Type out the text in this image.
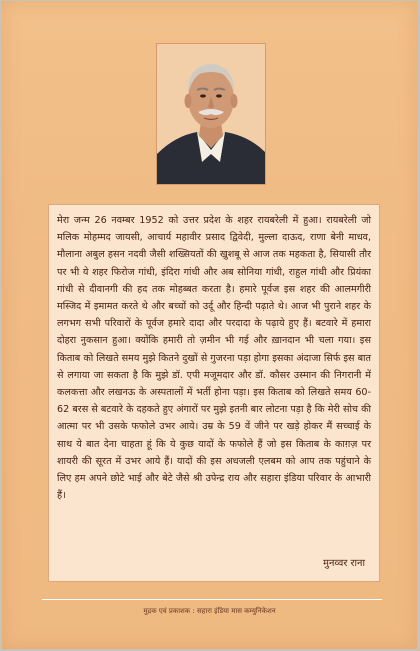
मेरा जन्म 26 नवम्बर 1952 को उत्तर प्रदेश के शहर रायबरेली में हुआ। रायबरेली जो मलिक मोहम्मद जायसी, आचार्य महावीर प्रसाद द्विवेदी, मुल्ला दाऊद, राणा बेनी माधव, मौलाना अबुल हसन नदवी जैसी शख्सियतों की खुशबू से आज तक महकता है, सियासी तौर पर भी ये शहर फिरोज गांधी, इंदिरा गांधी और अब सोनिया गांधी, राहुल गांधी और प्रियंका गांधी से दीवानगी की हद तक मोहब्बत करता है। हमारे पूर्वज इस शहर की आलमगीरी मस्जिद में इमामत करते थे और बच्चों को उर्दू और हिन्दी पढ़ाते थे। आज भी पुराने शहर के लगभग सभी परिवारों के पूर्वज हमारे दादा और परदादा के पढ़ाये हुए हैं। बटवारे में हमारा दोहरा नुकसान हुआ। क्योंकि हमारी तो ज़मीन भी गई और ख़ानदान भी चला गया। इस किताब को लिखते समय मुझे कितने दुखों से गुजरना पड़ा होगा इसका अंदाजा सिर्फ इस बात से लगाया जा सकता है कि मुझे डॉ. एपी मजूमदार और डॉ. कौसर उस्मान की निगरानी में कलकत्ता और लखनऊ के अस्पतालों में भर्ती होना पड़ा। इस किताब को लिखते समय 60-62 बरस से बटवारे के दहकते हुए अंगारों पर मुझे इतनी बार लोटना पड़ा है कि मेरी सोच की आत्मा पर भी उसके फफोले उभर आये। उम्र के 59 वें जीने पर खड़े होकर मैं सच्चाई के साथ ये बात देना चाहता हूं कि ये कुछ यादों के फफोले हैं जो इस किताब के काग़ज़ पर शायरी की सूरत में उभर आये हैं। यादों की इस अधजली एलबम को आप तक पहुंचाने के लिए हम अपने छोटे भाई और बेटे जैसे श्री उपेन्द्र राय और सहारा इंडिया परिवार के आभारी हैं।

मुनव्वर राना
मुद्रक एवं प्रकाशक : सहारा इंडिया मास कम्युनिकेशन
